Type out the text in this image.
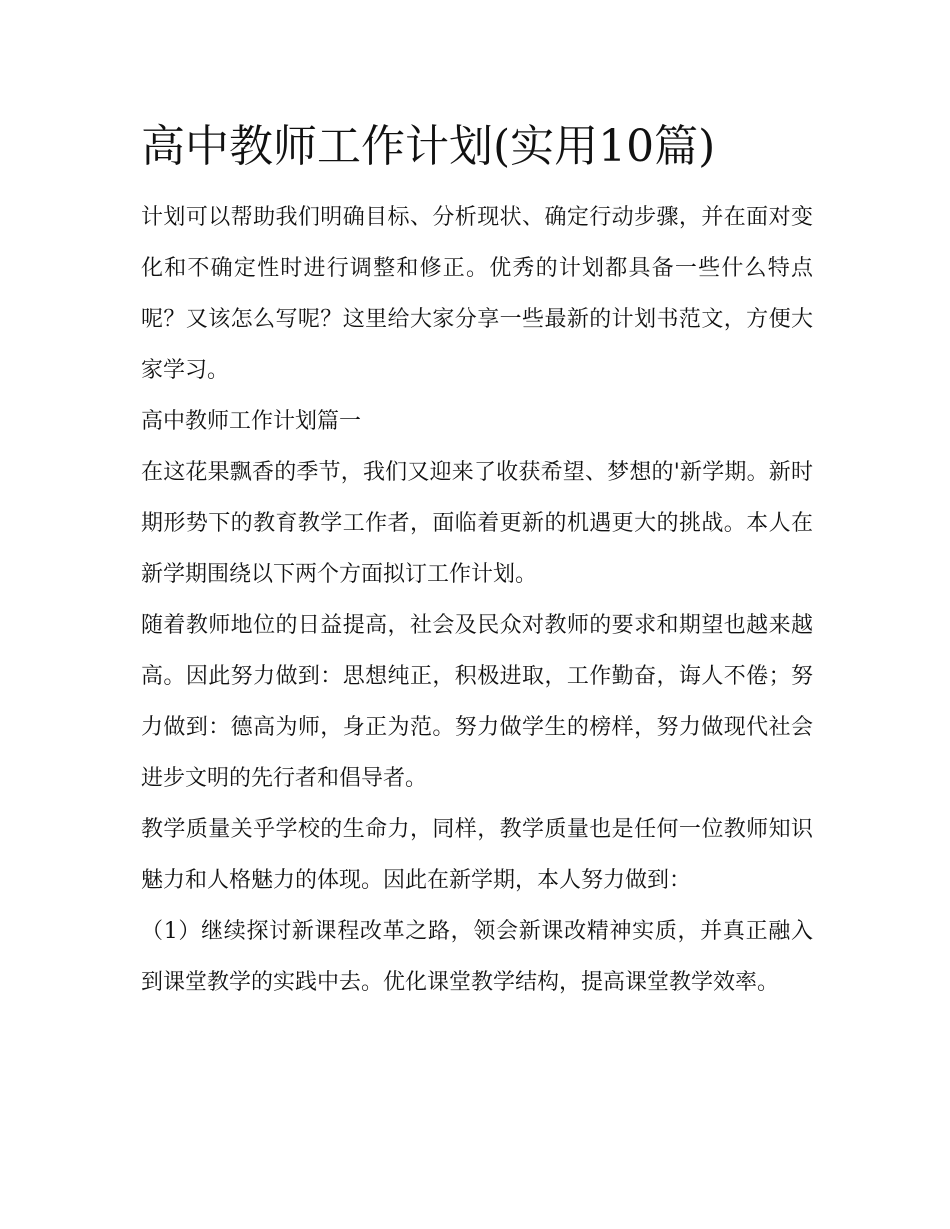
高中教师工作计划(实用10篇)

计划可以帮助我们明确目标、分析现状、确定行动步骤，并在面对变化和不确定性时进行调整和修正。优秀的计划都具备一些什么特点呢？又该怎么写呢？这里给大家分享一些最新的计划书范文，方便大家学习。

高中教师工作计划篇一

在这花果飘香的季节，我们又迎来了收获希望、梦想的'新学期。新时期形势下的教育教学工作者，面临着更新的机遇更大的挑战。本人在新学期围绕以下两个方面拟订工作计划。

随着教师地位的日益提高，社会及民众对教师的要求和期望也越来越高。因此努力做到：思想纯正，积极进取，工作勤奋，诲人不倦；努力做到：德高为师，身正为范。努力做学生的榜样，努力做现代社会进步文明的先行者和倡导者。

教学质量关乎学校的生命力，同样，教学质量也是任何一位教师知识魅力和人格魅力的体现。因此在新学期，本人努力做到：

（1）继续探讨新课程改革之路，领会新课改精神实质，并真正融入到课堂教学的实践中去。优化课堂教学结构，提高课堂教学效率。
